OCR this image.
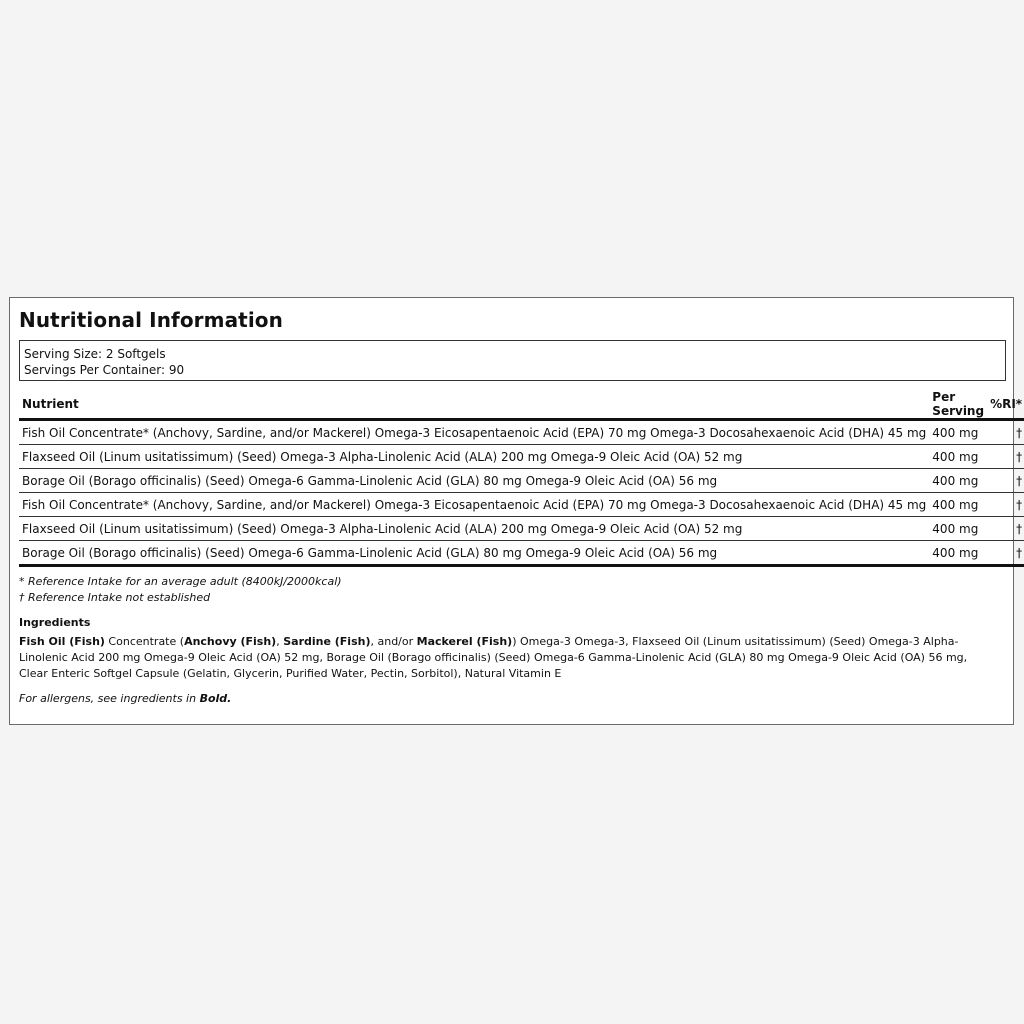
Nutritional Information
Serving Size: 2 Softgels
Servings Per Container: 90
Nutrient	Per Serving	%RI*
Fish Oil Concentrate* (Anchovy, Sardine, and/or Mackerel) Omega-3 Eicosapentaenoic Acid (EPA) 70 mg Omega-3 Docosahexaenoic Acid (DHA) 45 mg	400 mg	†
Flaxseed Oil (Linum usitatissimum) (Seed) Omega-3 Alpha-Linolenic Acid (ALA) 200 mg Omega-9 Oleic Acid (OA) 52 mg	400 mg	†
Borage Oil (Borago officinalis) (Seed) Omega-6 Gamma-Linolenic Acid (GLA) 80 mg Omega-9 Oleic Acid (OA) 56 mg	400 mg	†
Fish Oil Concentrate* (Anchovy, Sardine, and/or Mackerel) Omega-3 Eicosapentaenoic Acid (EPA) 70 mg Omega-3 Docosahexaenoic Acid (DHA) 45 mg	400 mg	†
Flaxseed Oil (Linum usitatissimum) (Seed) Omega-3 Alpha-Linolenic Acid (ALA) 200 mg Omega-9 Oleic Acid (OA) 52 mg	400 mg	†
Borage Oil (Borago officinalis) (Seed) Omega-6 Gamma-Linolenic Acid (GLA) 80 mg Omega-9 Oleic Acid (OA) 56 mg	400 mg	†
* Reference Intake for an average adult (8400kJ/2000kcal)
† Reference Intake not established
Ingredients
Fish Oil (Fish) Concentrate (Anchovy (Fish), Sardine (Fish), and/or Mackerel (Fish)) Omega-3 Omega-3, Flaxseed Oil (Linum usitatissimum) (Seed) Omega-3 Alpha-Linolenic Acid 200 mg Omega-9 Oleic Acid (OA) 52 mg, Borage Oil (Borago officinalis) (Seed) Omega-6 Gamma-Linolenic Acid (GLA) 80 mg Omega-9 Oleic Acid (OA) 56 mg, Clear Enteric Softgel Capsule (Gelatin, Glycerin, Purified Water, Pectin, Sorbitol), Natural Vitamin E
For allergens, see ingredients in Bold.
